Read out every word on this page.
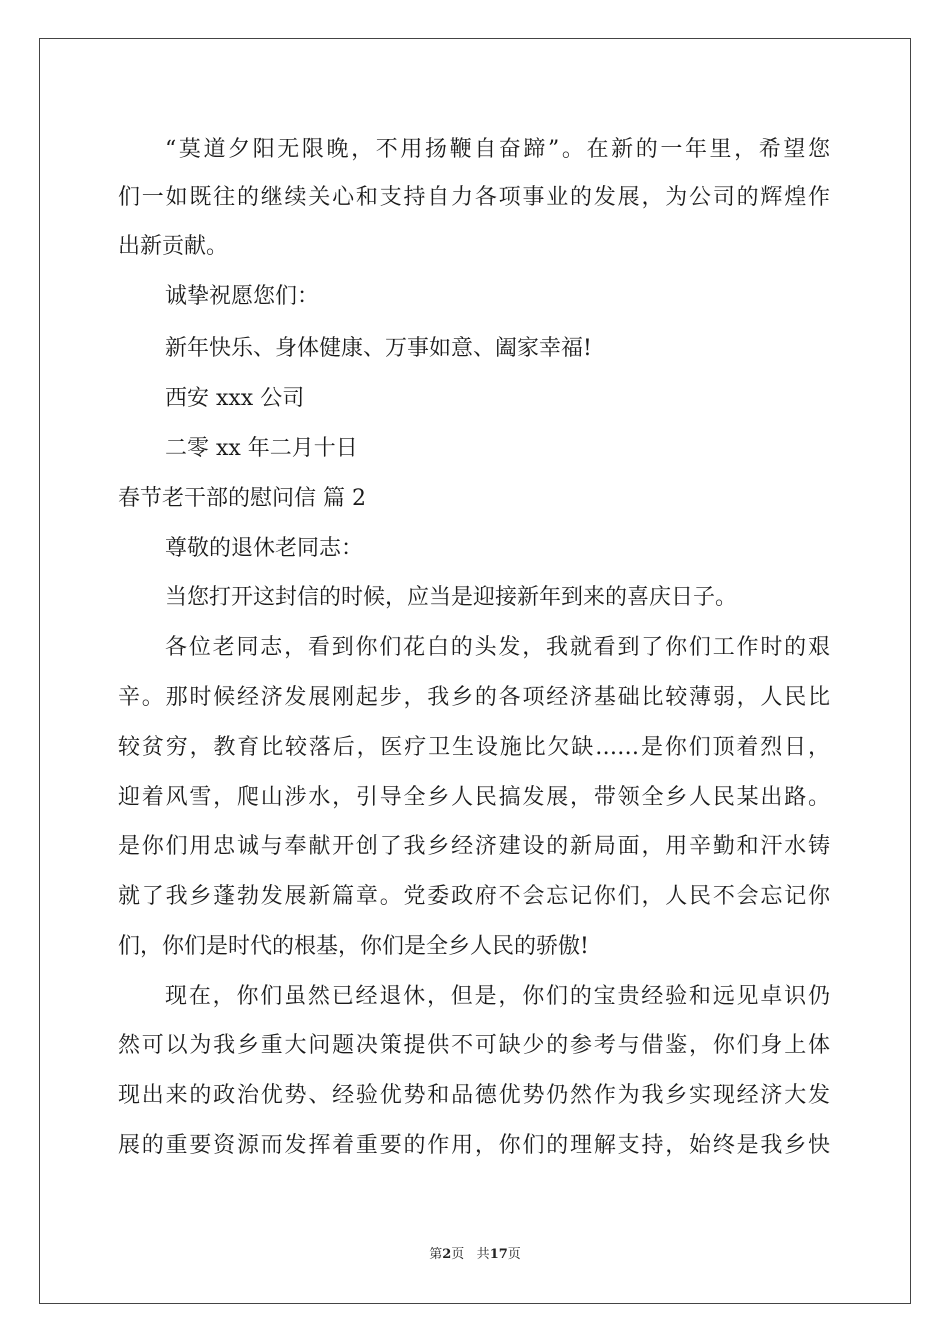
“莫道夕阳无限晚，不用扬鞭自奋蹄”。在新的一年里，希望您
们一如既往的继续关心和支持自力各项事业的发展，为公司的辉煌作
出新贡献。
诚挚祝愿您们：
新年快乐、身体健康、万事如意、阖家幸福!
西安 xxx 公司
二零 xx 年二月十日
春节老干部的慰问信 篇 2
尊敬的退休老同志：
当您打开这封信的时候，应当是迎接新年到来的喜庆日子。
各位老同志，看到你们花白的头发，我就看到了你们工作时的艰
辛。那时候经济发展刚起步，我乡的各项经济基础比较薄弱，人民比
较贫穷，教育比较落后，医疗卫生设施比欠缺……是你们顶着烈日，
迎着风雪，爬山涉水，引导全乡人民搞发展，带领全乡人民某出路。
是你们用忠诚与奉献开创了我乡经济建设的新局面，用辛勤和汗水铸
就了我乡蓬勃发展新篇章。党委政府不会忘记你们，人民不会忘记你
们，你们是时代的根基，你们是全乡人民的骄傲!
现在，你们虽然已经退休，但是，你们的宝贵经验和远见卓识仍
然可以为我乡重大问题决策提供不可缺少的参考与借鉴，你们身上体
现出来的政治优势、经验优势和品德优势仍然作为我乡实现经济大发
展的重要资源而发挥着重要的作用，你们的理解支持，始终是我乡快
第2页 共17页
